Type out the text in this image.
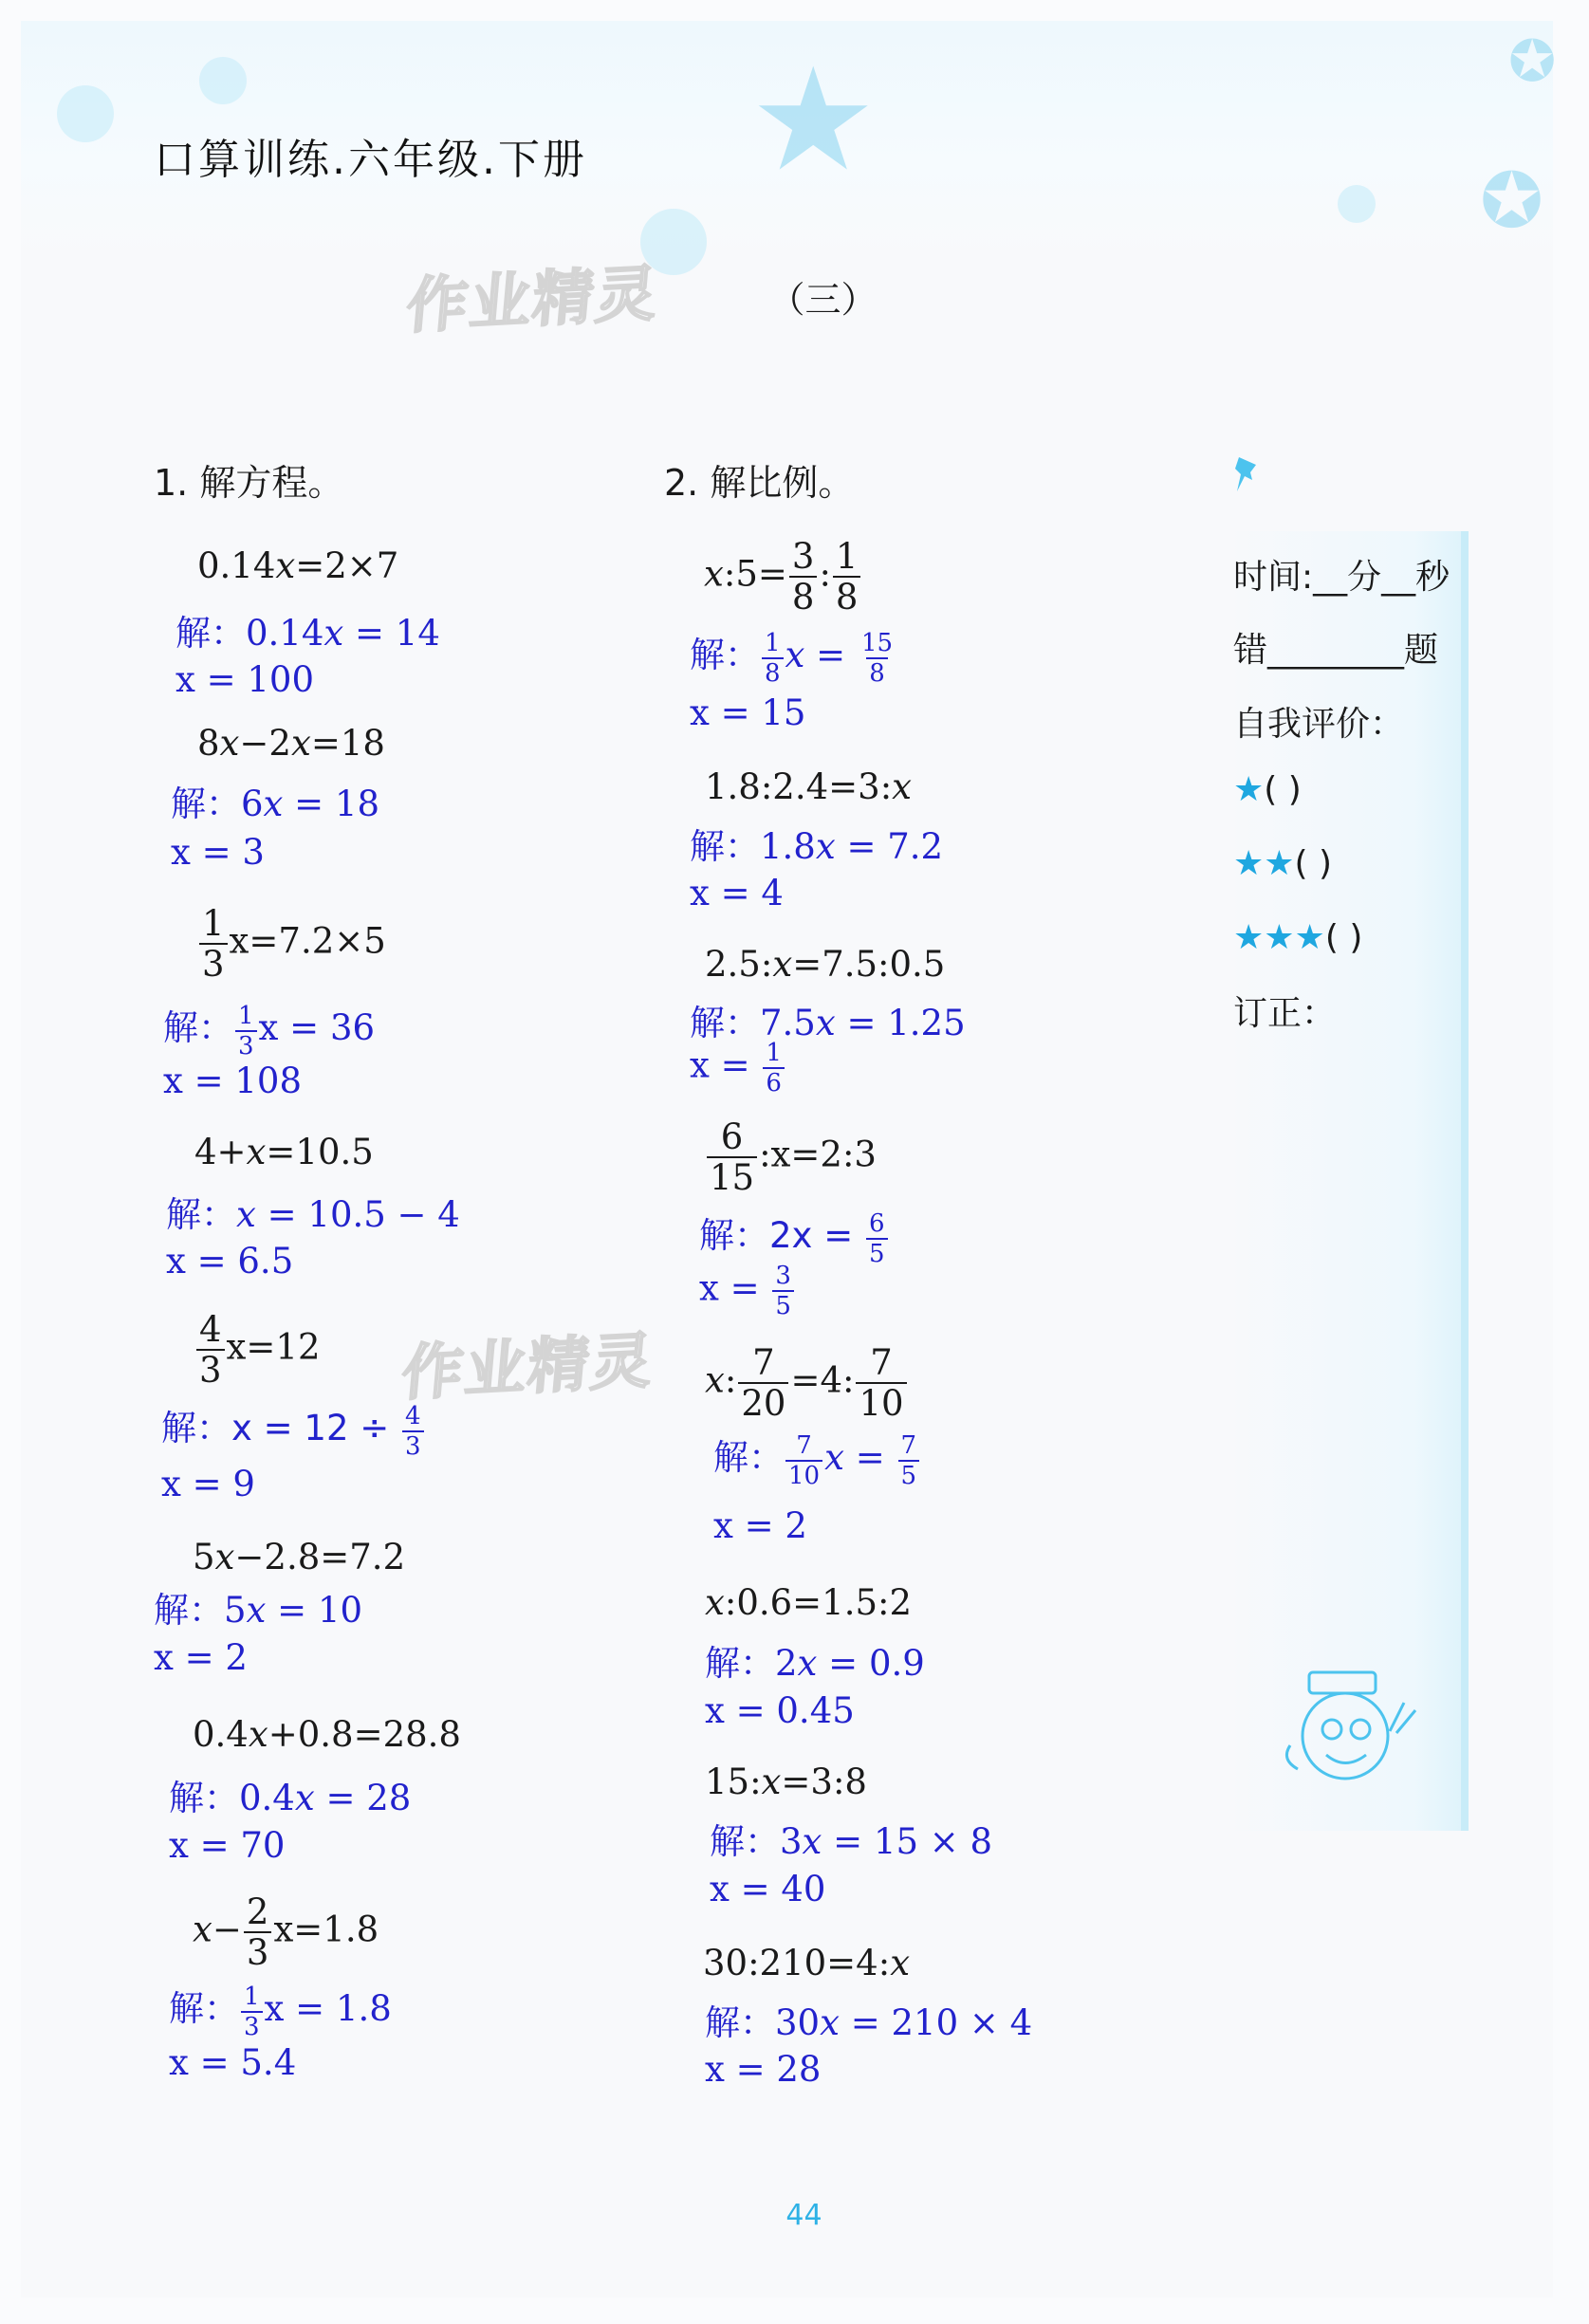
★	✪
✪
口算训练.六年级.下册
作业精灵
作业精灵
（三）
1. 解方程。
0.14x=2×7
解：0.14x = 14
x = 100
8x−2x=18
解：6x = 18
x = 3
$\frac{1}{3} x=7.2\times 5$
解： $\frac{1}{3}$ x = 36
x = 108
4+x=10.5
解：x = 10.5 − 4
x = 6.5
$\frac{4}{3} x=12$
解：$x = 12 \div \frac{4}{3}$
x = 9
5x−2.8=7.2
解：5x = 10
x = 2
0.4x+0.8=28.8
解：0.4x = 28
x = 70
$x- \frac{2}{3} x=1.8$
解： $\frac{1}{3}$ x = 1.8
x = 5.4
2. 解比例。
x:5= $\frac{3}{8}$ : $\frac{1}{8}$
解： $\frac{1}{8}$ $x = \frac{15}{8}$
x = 15
1.8:2.4=3:x
解：1.8x = 7.2
x = 4
2.5:x=7.5:0.5
解：7.5x = 1.25
$x = \frac{1}{6}$
$\frac{6}{15}$ :x=2:3
解：$2x = \frac{6}{5}$
$x = \frac{3}{5}$
x: $\frac{7}{20} =4$: $\frac{7}{10}$
解： $\frac{7}{10}$ $x = \frac{7}{5}$
x = 2
x:0.6=1.5:2
解：2x = 0.9
x = 0.45
15:x=3:8
解：3x = 15 × 8
x = 40
30:210=4:x
解：30x = 210 × 4
x = 28
时间:__分__秒
错________题
自我评价：
★( )
★★( )
★★★( )
订正：
44
